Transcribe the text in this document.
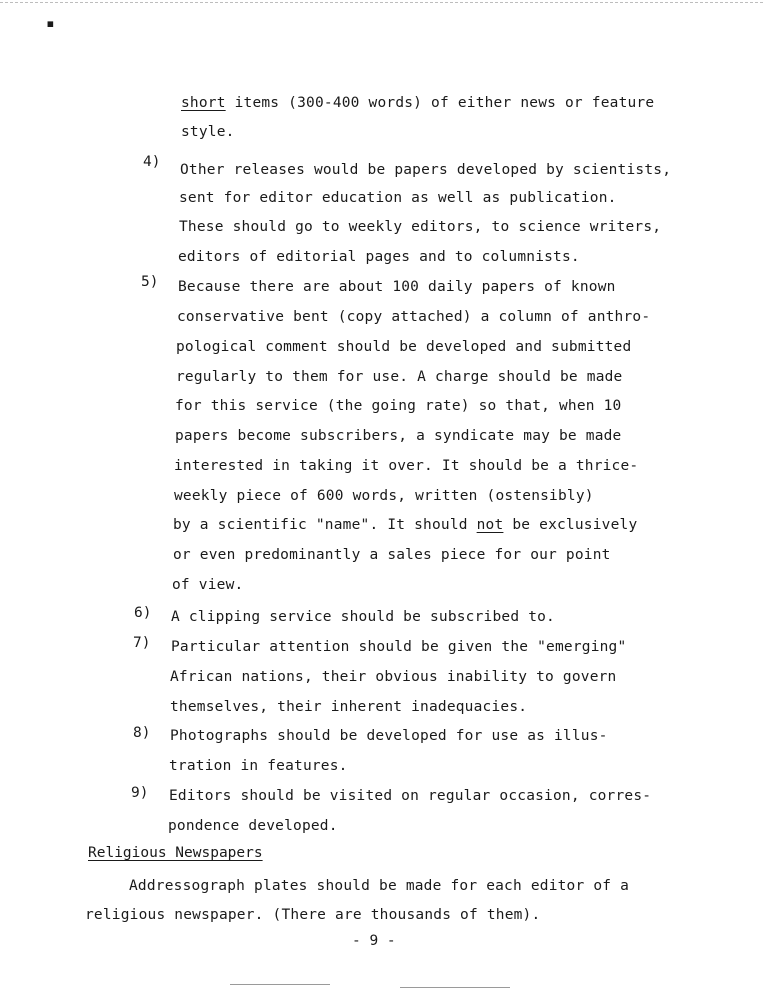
▪
short items (300-400 words) of either news or feature
style.
4) Other releases would be papers developed by scientists,
sent for editor education as well as publication.
These should go to weekly editors, to science writers,
editors of editorial pages and to columnists.
5) Because there are about 100 daily papers of known
conservative bent (copy attached) a column of anthro-
pological comment should be developed and submitted
regularly to them for use. A charge should be made
for this service (the going rate) so that, when 10
papers become subscribers, a syndicate may be made
interested in taking it over. It should be a thrice-
weekly piece of 600 words, written (ostensibly)
by a scientific "name". It should not be exclusively
or even predominantly a sales piece for our point
of view.
6) A clipping service should be subscribed to.
7) Particular attention should be given the "emerging"
African nations, their obvious inability to govern
themselves, their inherent inadequacies.
8) Photographs should be developed for use as illus-
tration in features.
9) Editors should be visited on regular occasion, corres-
pondence developed.
Religious Newspapers
Addressograph plates should be made for each editor of a
religious newspaper. (There are thousands of them).
- 9 -
